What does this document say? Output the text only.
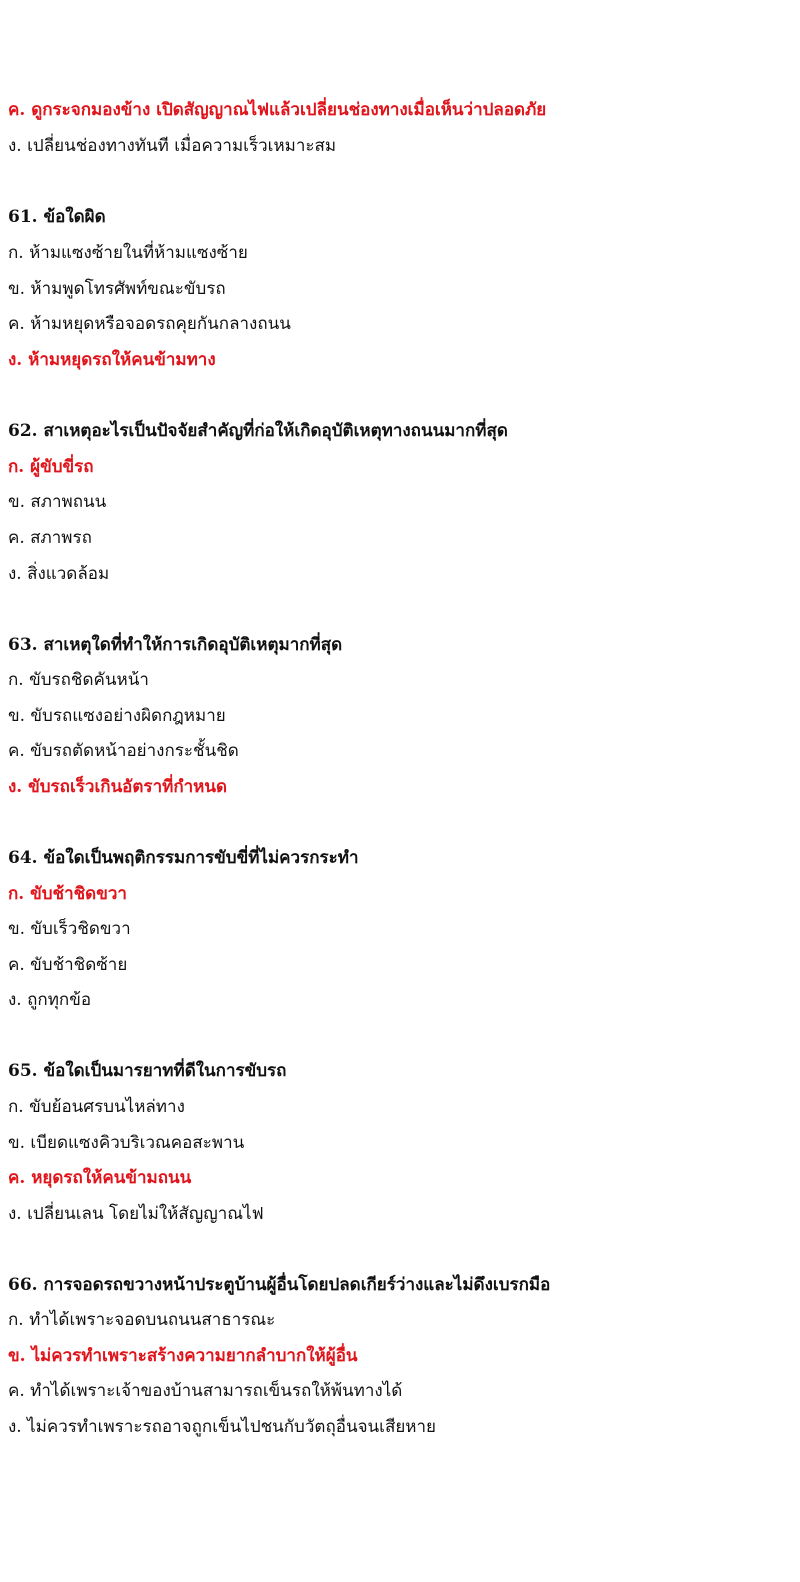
ค. ดูกระจกมองข้าง เปิดสัญญาณไฟแล้วเปลี่ยนช่องทางเมื่อเห็นว่าปลอดภัย
ง. เปลี่ยนช่องทางทันที เมื่อความเร็วเหมาะสม
61. ข้อใดผิด
ก. ห้ามแซงซ้ายในที่ห้ามแซงซ้าย
ข. ห้ามพูดโทรศัพท์ขณะขับรถ
ค. ห้ามหยุดหรือจอดรถคุยกันกลางถนน
ง. ห้ามหยุดรถให้คนข้ามทาง
62. สาเหตุอะไรเป็นปัจจัยสำคัญที่ก่อให้เกิดอุบัติเหตุทางถนนมากที่สุด
ก. ผู้ขับขี่รถ
ข. สภาพถนน
ค. สภาพรถ
ง. สิ่งแวดล้อม
63. สาเหตุใดที่ทำให้การเกิดอุบัติเหตุมากที่สุด
ก. ขับรถชิดคันหน้า
ข. ขับรถแซงอย่างผิดกฎหมาย
ค. ขับรถตัดหน้าอย่างกระชั้นชิด
ง. ขับรถเร็วเกินอัตราที่กำหนด
64. ข้อใดเป็นพฤติกรรมการขับขี่ที่ไม่ควรกระทำ
ก. ขับช้าชิดขวา
ข. ขับเร็วชิดขวา
ค. ขับช้าชิดซ้าย
ง. ถูกทุกข้อ
65. ข้อใดเป็นมารยาทที่ดีในการขับรถ
ก. ขับย้อนศรบนไหล่ทาง
ข. เบียดแซงคิวบริเวณคอสะพาน
ค. หยุดรถให้คนข้ามถนน
ง. เปลี่ยนเลน โดยไม่ให้สัญญาณไฟ
66. การจอดรถขวางหน้าประตูบ้านผู้อื่นโดยปลดเกียร์ว่างและไม่ดึงเบรกมือ
ก. ทำได้เพราะจอดบนถนนสาธารณะ
ข. ไม่ควรทำเพราะสร้างความยากลำบากให้ผู้อื่น
ค. ทำได้เพราะเจ้าของบ้านสามารถเข็นรถให้พ้นทางได้
ง. ไม่ควรทำเพราะรถอาจถูกเข็นไปชนกับวัตถุอื่นจนเสียหาย
